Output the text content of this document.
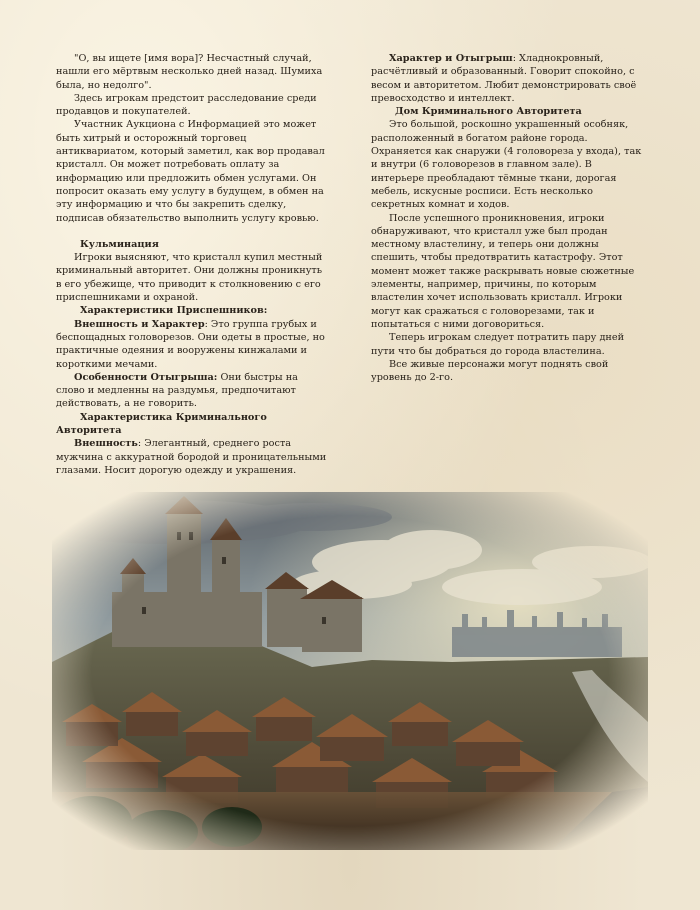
"О, вы ищете [имя вора]? Несчастный случай, нашли его мёртвым несколько дней назад. Шумиха была, но недолго".

Здесь игрокам предстоит расследование среди продавцов и покупателей.

Участник Аукциона с Информацией это может быть хитрый и осторожный торговец антиквариатом, который заметил, как вор продавал кристалл. Он может потребовать оплату за информацию или предложить обмен услугами. Он попросит оказать ему услугу в будущем, в обмен на эту информацию и что бы закрепить сделку, подписав обязательство выполнить услугу кровью.

Кульминация

Игроки выясняют, что кристалл купил местный криминальный авторитет. Они должны проникнуть в его убежище, что приводит к столкновению с его приспешниками и охраной.

Характеристики Приспешников:

Внешность и Характер: Это группа грубых и беспощадных головорезов. Они одеты в простые, но практичные одеяния и вооружены кинжалами и короткими мечами.

Особенности Отыгрыша: Они быстры на слово и медленны на раздумья, предпочитают действовать, а не говорить.

Характеристика Криминального Авторитета

Внешность: Элегантный, среднего роста мужчина с аккуратной бородой и проницательными глазами. Носит дорогую одежду и украшения.

Характер и Отыгрыш: Хладнокровный, расчётливый и образованный. Говорит спокойно, с весом и авторитетом. Любит демонстрировать своё превосходство и интеллект.

Дом Криминального Авторитета

Это большой, роскошно украшенный особняк, расположенный в богатом районе города. Охраняется как снаружи (4 головореза у входа), так и внутри (6 головорезов в главном зале). В интерьере преобладают тёмные ткани, дорогая мебель, искусные росписи. Есть несколько секретных комнат и ходов.

После успешного проникновения, игроки обнаруживают, что кристалл уже был продан местному властелину, и теперь они должны спешить, чтобы предотвратить катастрофу. Этот момент может также раскрывать новые сюжетные элементы, например, причины, по которым властелин хочет использовать кристалл. Игроки могут как сражаться с головорезами, так и попытаться с ними договориться.

Теперь игрокам следует потратить пару дней пути что бы добраться до города властелина.

Все живые персонажи могут поднять свой уровень до 2-го.
